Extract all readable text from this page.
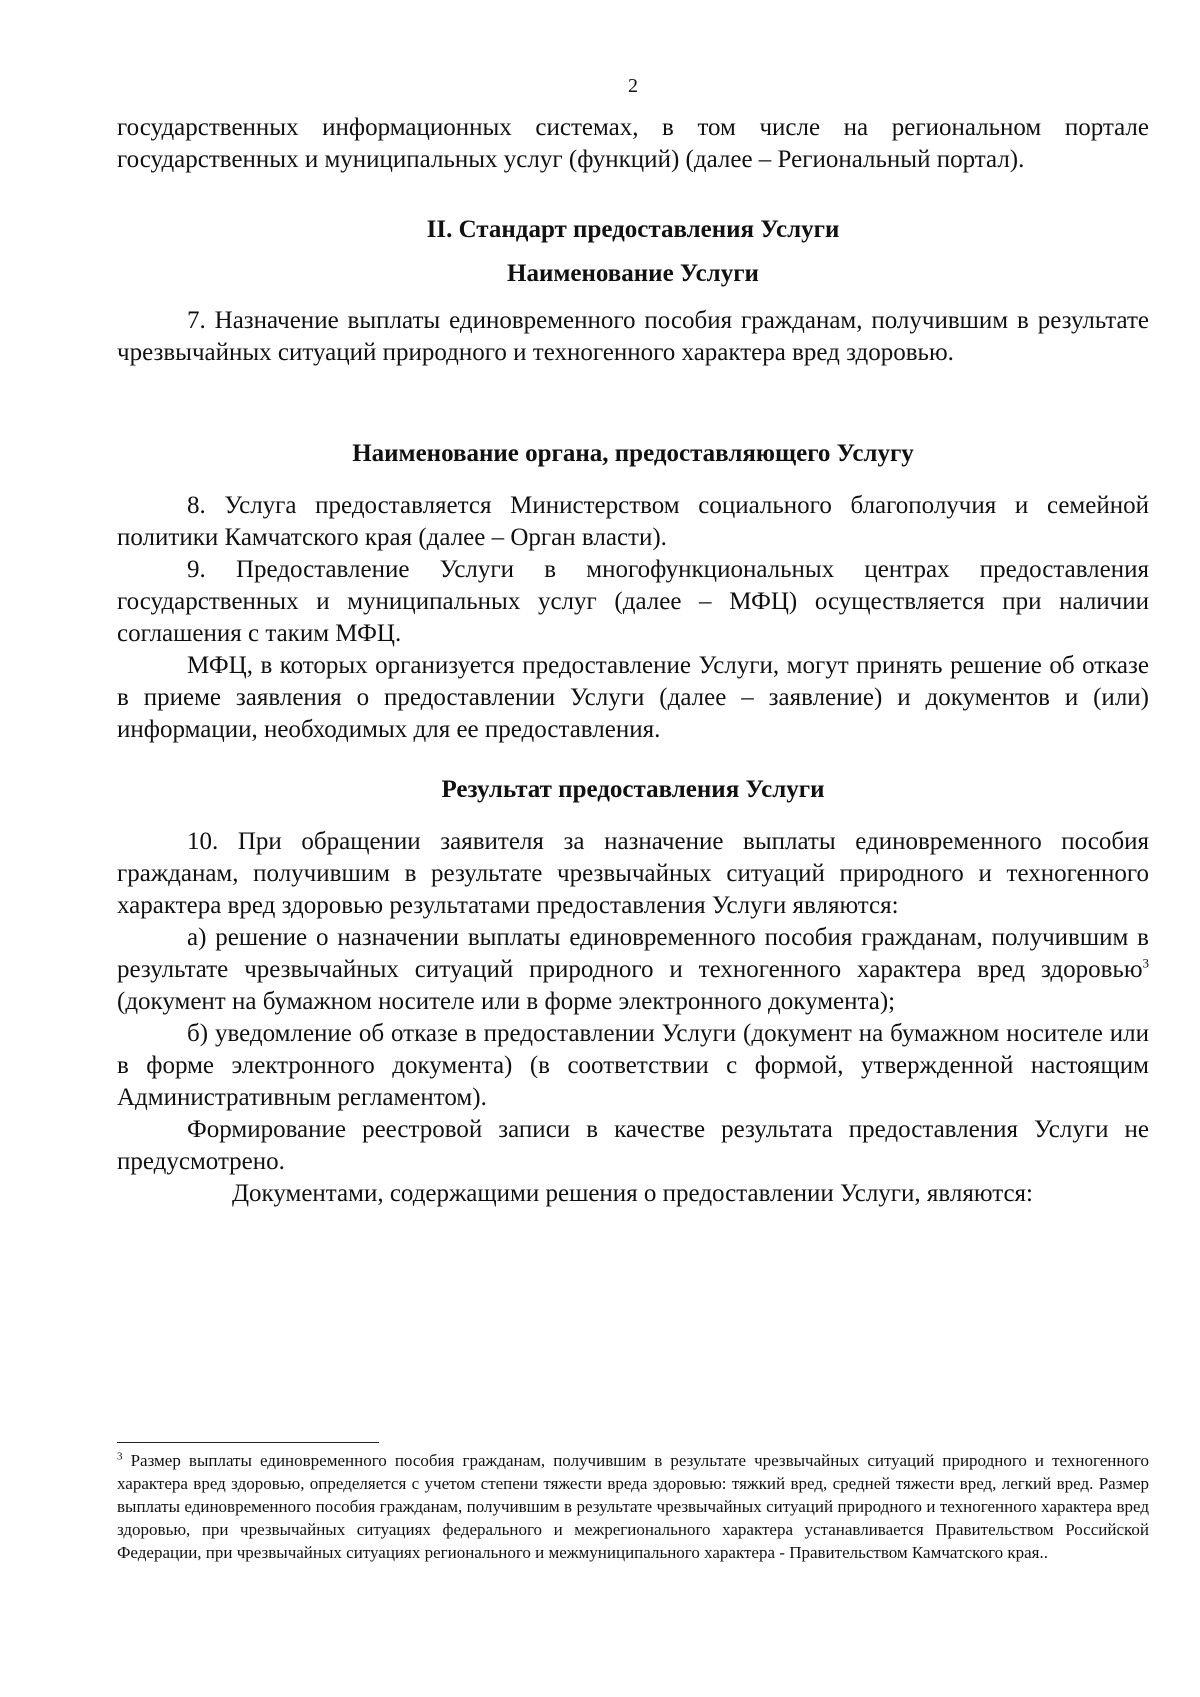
2

государственных информационных системах, в том числе на региональном портале государственных и муниципальных услуг (функций) (далее – Региональный портал).

II. Стандарт предоставления Услуги
Наименование Услуги

7. Назначение выплаты единовременного пособия гражданам, получившим в результате чрезвычайных ситуаций природного и техногенного характера вред здоровью.

Наименование органа, предоставляющего Услугу

8. Услуга предоставляется Министерством социального благополучия и семейной политики Камчатского края (далее – Орган власти).

9. Предоставление Услуги в многофункциональных центрах предоставления государственных и муниципальных услуг (далее – МФЦ) осуществляется при наличии соглашения с таким МФЦ.

МФЦ, в которых организуется предоставление Услуги, могут принять решение об отказе в приеме заявления о предоставлении Услуги (далее – заявление) и документов и (или) информации, необходимых для ее предоставления.

Результат предоставления Услуги

10. При обращении заявителя за назначение выплаты единовременного пособия гражданам, получившим в результате чрезвычайных ситуаций природного и техногенного характера вред здоровью результатами предоставления Услуги являются:

а) решение о назначении выплаты единовременного пособия гражданам, получившим в результате чрезвычайных ситуаций природного и техногенного характера вред здоровью$^3$ (документ на бумажном носителе или в форме электронного документа);

б) уведомление об отказе в предоставлении Услуги (документ на бумажном носителе или в форме электронного документа) (в соответствии с формой, утвержденной настоящим Административным регламентом).

Формирование реестровой записи в качестве результата предоставления Услуги не предусмотрено.

Документами, содержащими решения о предоставлении Услуги, являются:

$^3$ Размер выплаты единовременного пособия гражданам, получившим в результате чрезвычайных ситуаций природного и техногенного характера вред здоровью, определяется с учетом степени тяжести вреда здоровью: тяжкий вред, средней тяжести вред, легкий вред. Размер выплаты единовременного пособия гражданам, получившим в результате чрезвычайных ситуаций природного и техногенного характера вред здоровью, при чрезвычайных ситуациях федерального и межрегионального характера устанавливается Правительством Российской Федерации, при чрезвычайных ситуациях регионального и межмуниципального характера - Правительством Камчатского края..
